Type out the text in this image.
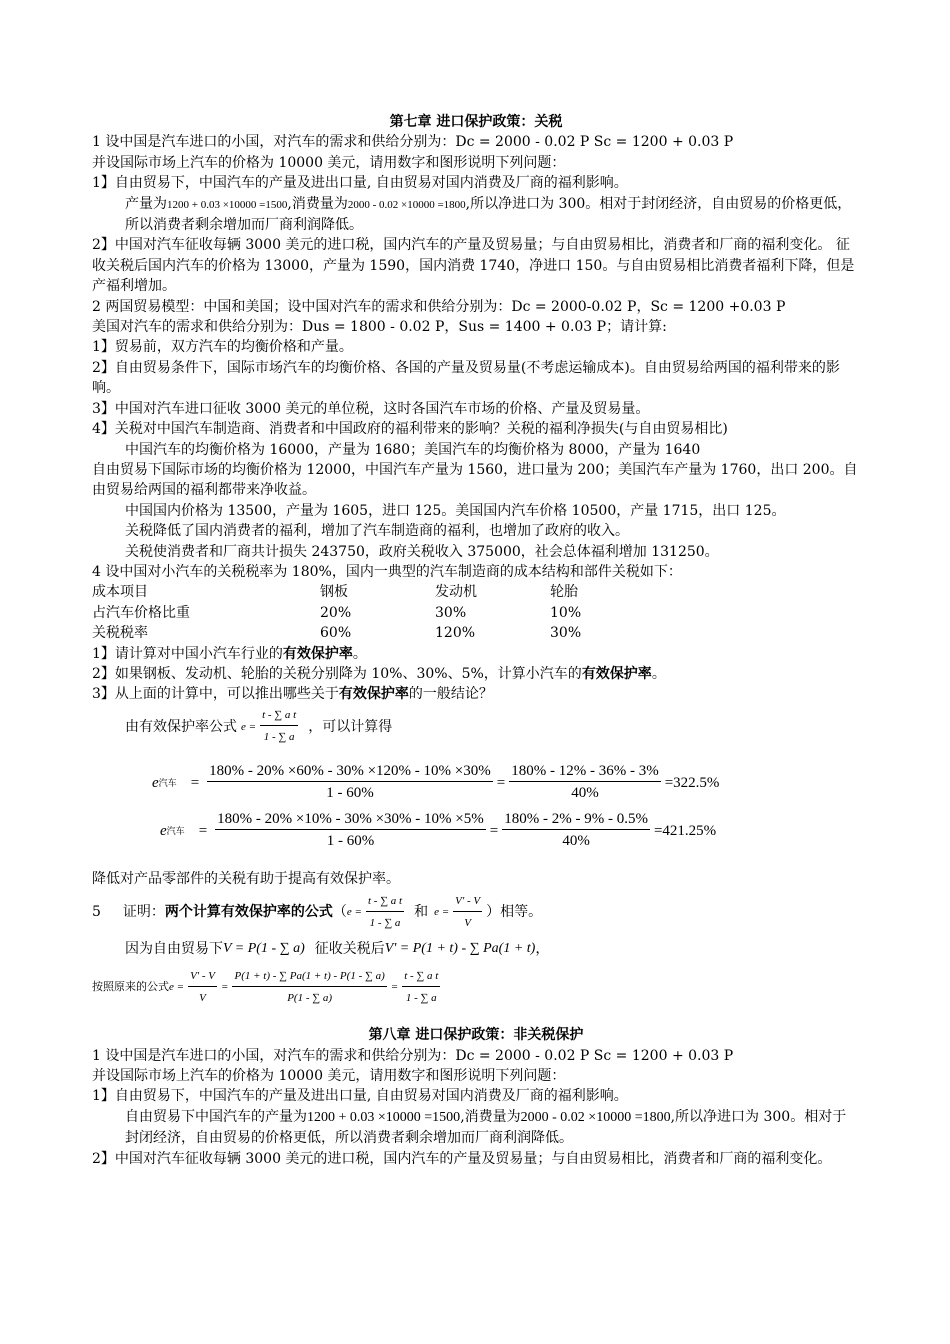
第七章 进口保护政策：关税
1 设中国是汽车进口的小国，对汽车的需求和供给分别为：Dc = 2000 - 0.02 P Sc = 1200 + 0.03 P
并设国际市场上汽车的价格为 10000 美元，请用数字和图形说明下列问题：
1】自由贸易下，中国汽车的产量及进出口量, 自由贸易对国内消费及厂商的福利影响。
产量为1200 + 0.03 ×10000 =1500,消费量为2000 - 0.02 ×10000 =1800,所以净进口为 300。相对于封闭经济，自由贸易的价格更低，所以消费者剩余增加而厂商利润降低。
2】中国对汽车征收每辆 3000 美元的进口税，国内汽车的产量及贸易量；与自由贸易相比，消费者和厂商的福利变化。 征收关税后国内汽车的价格为 13000，产量为 1590，国内消费 1740，净进口 150。与自由贸易相比消费者福利下降，但是产福利增加。
2 两国贸易模型：中国和美国；设中国对汽车的需求和供给分别为：Dc = 2000-0.02 P，Sc = 1200 +0.03 P
美国对汽车的需求和供给分别为：Dus = 1800 - 0.02 P，Sus = 1400 + 0.03 P；请计算:
1】贸易前，双方汽车的均衡价格和产量。
2】自由贸易条件下，国际市场汽车的均衡价格、各国的产量及贸易量(不考虑运输成本)。自由贸易给两国的福利带来的影响。
3】中国对汽车进口征收 3000 美元的单位税，这时各国汽车市场的价格、产量及贸易量。
4】关税对中国汽车制造商、消费者和中国政府的福利带来的影响？关税的福利净损失(与自由贸易相比)
中国汽车的均衡价格为 16000，产量为 1680；美国汽车的均衡价格为 8000，产量为 1640
自由贸易下国际市场的均衡价格为 12000，中国汽车产量为 1560，进口量为 200；美国汽车产量为 1760，出口 200。自由贸易给两国的福利都带来净收益。
中国国内价格为 13500，产量为 1605，进口 125。美国国内汽车价格 10500，产量 1715，出口 125。
关税降低了国内消费者的福利，增加了汽车制造商的福利，也增加了政府的收入。
关税使消费者和厂商共计损失 243750，政府关税收入 375000，社会总体福利增加 131250。
4 设中国对小汽车的关税税率为 180%，国内一典型的汽车制造商的成本结构和部件关税如下：
成本项目	钢板	发动机	轮胎
占汽车价格比重	20%	30%	10%
关税税率	60%	120%	30%
1】请计算对中国小汽车行业的有效保护率。
2】如果钢板、发动机、轮胎的关税分别降为 10%、30%、5%，计算小汽车的有效保护率。
3】从上面的计算中，可以推出哪些关于有效保护率的一般结论？
由有效保护率公式 $e = \frac{\text{t - ∑ a t}}{1 - \sum a}$ ，可以计算得
e 汽车 = $\frac{180\% - 20\% \times 60\% - 30\% \times 120\% - 10\% \times 30\%}{1 - 60\%} = \frac{180\% - 12\% - 36\% - 3\%}{40\%} =322.5\%$
e 汽车 = $\frac{180\% - 20\% \times 10\% - 30\% \times 30\% - 10\% \times 5\%}{1 - 60\%} = \frac{180\% - 2\% - 9\% - 0.5\%}{40\%} =421.25\%$
降低对产品零部件的关税有助于提高有效保护率。
5 证明： 两个计算有效保护率的公式 （ $e = \frac{\text{t - ∑ a t}}{1 - \sum a}$ 和 $e = \frac{V' - V}{V}$ ）相等。
因为自由贸易下 V = P(1 - ∑ a) 征收关税后 V' = P(1 + t) - ∑ Pa(1 + t) ，
按照原来的公式 $e = \frac{V' - V}{V} = \frac{P(1 + t) - \sum Pa(1 + t) - P(1 - \sum a)}{P(1 - \sum a)} = \frac{\text{t - ∑ a t}}{1 - \sum a}$
第八章 进口保护政策：非关税保护
1 设中国是汽车进口的小国，对汽车的需求和供给分别为：Dc = 2000 - 0.02 P Sc = 1200 + 0.03 P
并设国际市场上汽车的价格为 10000 美元，请用数字和图形说明下列问题：
1】自由贸易下，中国汽车的产量及进出口量, 自由贸易对国内消费及厂商的福利影响。
自由贸易下中国汽车的产量为1200 + 0.03 ×10000 =1500,消费量为2000 - 0.02 ×10000 =1800,所以净进口为 300。相对于封闭经济，自由贸易的价格更低，所以消费者剩余增加而厂商利润降低。
2】中国对汽车征收每辆 3000 美元的进口税，国内汽车的产量及贸易量；与自由贸易相比，消费者和厂商的福利变化。
